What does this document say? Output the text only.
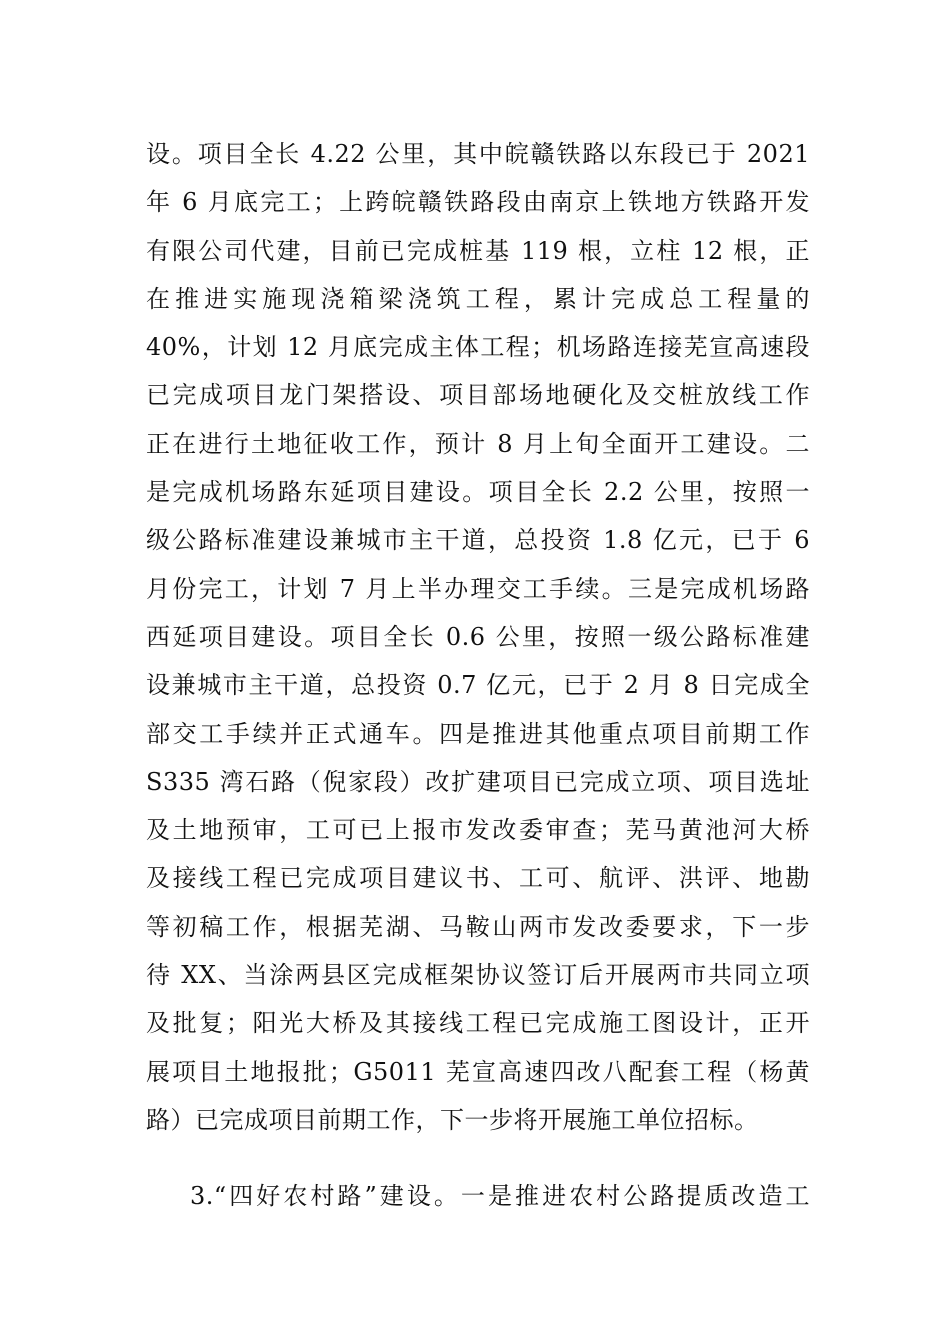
设。项目全长 4.22 公里，其中皖赣铁路以东段已于 2021
年 6 月底完工；上跨皖赣铁路段由南京上铁地方铁路开发
有限公司代建，目前已完成桩基 119 根，立柱 12 根，正
在推进实施现浇箱梁浇筑工程，累计完成总工程量的
40%，计划 12 月底完成主体工程；机场路连接芜宣高速段
已完成项目龙门架搭设、项目部场地硬化及交桩放线工作
正在进行土地征收工作，预计 8 月上旬全面开工建设。二
是完成机场路东延项目建设。项目全长 2.2 公里，按照一
级公路标准建设兼城市主干道，总投资 1.8 亿元，已于 6
月份完工，计划 7 月上半办理交工手续。三是完成机场路
西延项目建设。项目全长 0.6 公里，按照一级公路标准建
设兼城市主干道，总投资 0.7 亿元，已于 2 月 8 日完成全
部交工手续并正式通车。四是推进其他重点项目前期工作
S335 湾石路（倪家段）改扩建项目已完成立项、项目选址
及土地预审，工可已上报市发改委审查；芜马黄池河大桥
及接线工程已完成项目建议书、工可、航评、洪评、地勘
等初稿工作，根据芜湖、马鞍山两市发改委要求，下一步
待 XX、当涂两县区完成框架协议签订后开展两市共同立项
及批复；阳光大桥及其接线工程已完成施工图设计，正开
展项目土地报批；G5011 芜宣高速四改八配套工程（杨黄
路）已完成项目前期工作，下一步将开展施工单位招标。
3.“四好农村路”建设。一是推进农村公路提质改造工
